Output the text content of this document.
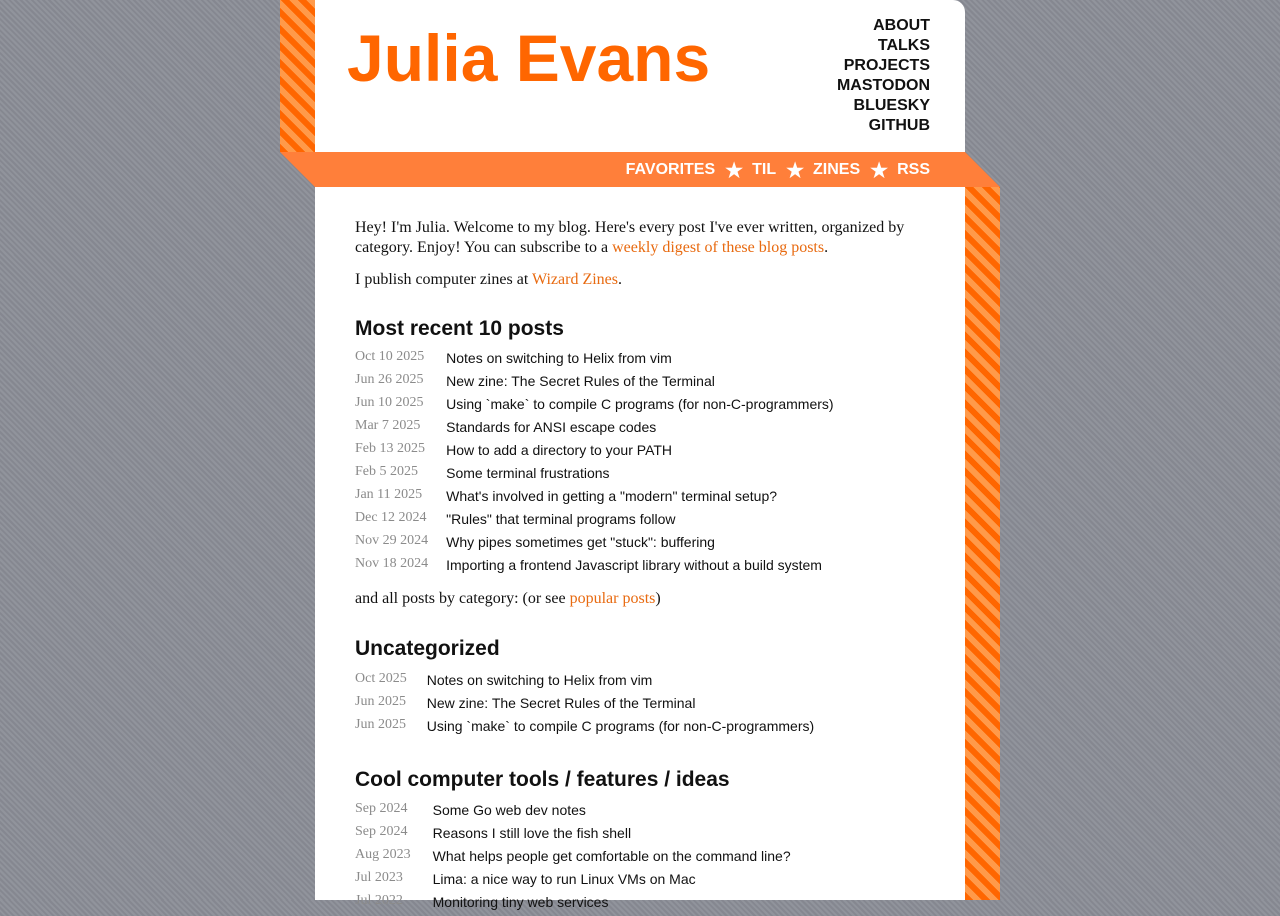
Julia Evans	ABOUT
TALKS
PROJECTS
MASTODON
BLUESKY
GITHUB
FAVORITES ★ TIL ★ ZINES ★ RSS

Hey! I'm Julia. Welcome to my blog. Here's every post I've ever written, organized by category. Enjoy! You can subscribe to a weekly digest of these blog posts.

I publish computer zines at Wizard Zines.

Most recent 10 posts
Oct 10 2025	Notes on switching to Helix from vim
Jun 26 2025	New zine: The Secret Rules of the Terminal
Jun 10 2025	Using `make` to compile C programs (for non-C-programmers)
Mar 7 2025	Standards for ANSI escape codes
Feb 13 2025	How to add a directory to your PATH
Feb 5 2025	Some terminal frustrations
Jan 11 2025	What's involved in getting a "modern" terminal setup?
Dec 12 2024	"Rules" that terminal programs follow
Nov 29 2024	Why pipes sometimes get "stuck": buffering
Nov 18 2024	Importing a frontend Javascript library without a build system

and all posts by category: (or see popular posts)

Uncategorized
Oct 2025	Notes on switching to Helix from vim
Jun 2025	New zine: The Secret Rules of the Terminal
Jun 2025	Using `make` to compile C programs (for non-C-programmers)
Cool computer tools / features / ideas
Sep 2024	Some Go web dev notes
Sep 2024	Reasons I still love the fish shell
Aug 2023	What helps people get comfortable on the command line?
Jul 2023	Lima: a nice way to run Linux VMs on Mac
Jul 2022	Monitoring tiny web services
